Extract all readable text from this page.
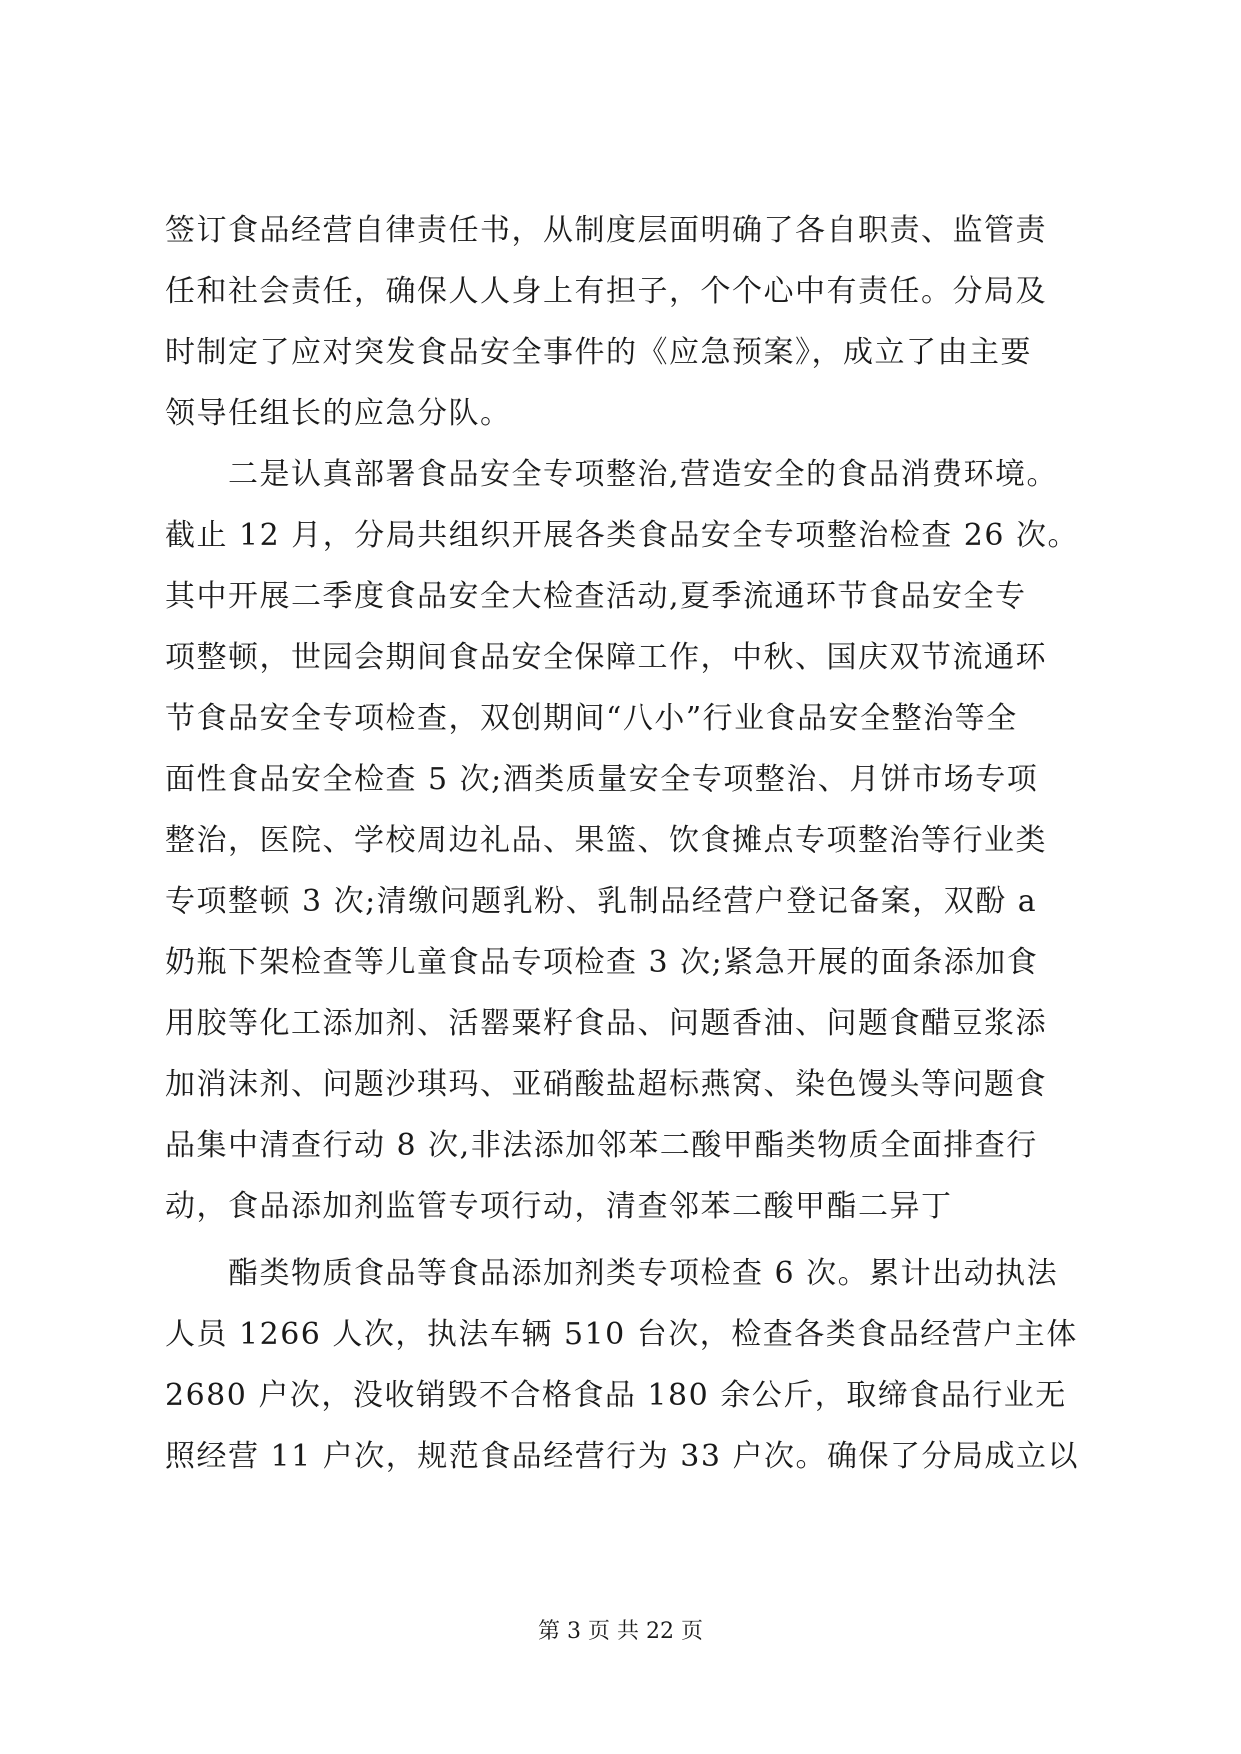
签订食品经营自律责任书，从制度层面明确了各自职责、监管责
任和社会责任，确保人人身上有担子，个个心中有责任。分局及
时制定了应对突发食品安全事件的《应急预案》，成立了由主要
领导任组长的应急分队。
二是认真部署食品安全专项整治,营造安全的食品消费环境。
截止 12 月，分局共组织开展各类食品安全专项整治检查 26 次。
其中开展二季度食品安全大检查活动,夏季流通环节食品安全专
项整顿，世园会期间食品安全保障工作，中秋、国庆双节流通环
节食品安全专项检查，双创期间“八小”行业食品安全整治等全
面性食品安全检查 5 次;酒类质量安全专项整治、月饼市场专项
整治，医院、学校周边礼品、果篮、饮食摊点专项整治等行业类
专项整顿 3 次;清缴问题乳粉、乳制品经营户登记备案，双酚 a
奶瓶下架检查等儿童食品专项检查 3 次;紧急开展的面条添加食
用胶等化工添加剂、活罂粟籽食品、问题香油、问题食醋豆浆添
加消沫剂、问题沙琪玛、亚硝酸盐超标燕窝、染色馒头等问题食
品集中清查行动 8 次,非法添加邻苯二酸甲酯类物质全面排查行
动，食品添加剂监管专项行动，清查邻苯二酸甲酯二异丁
酯类物质食品等食品添加剂类专项检查 6 次。累计出动执法
人员 1266 人次，执法车辆 510 台次，检查各类食品经营户主体
2680 户次，没收销毁不合格食品 180 余公斤，取缔食品行业无
照经营 11 户次，规范食品经营行为 33 户次。确保了分局成立以
第 3 页 共 22 页
